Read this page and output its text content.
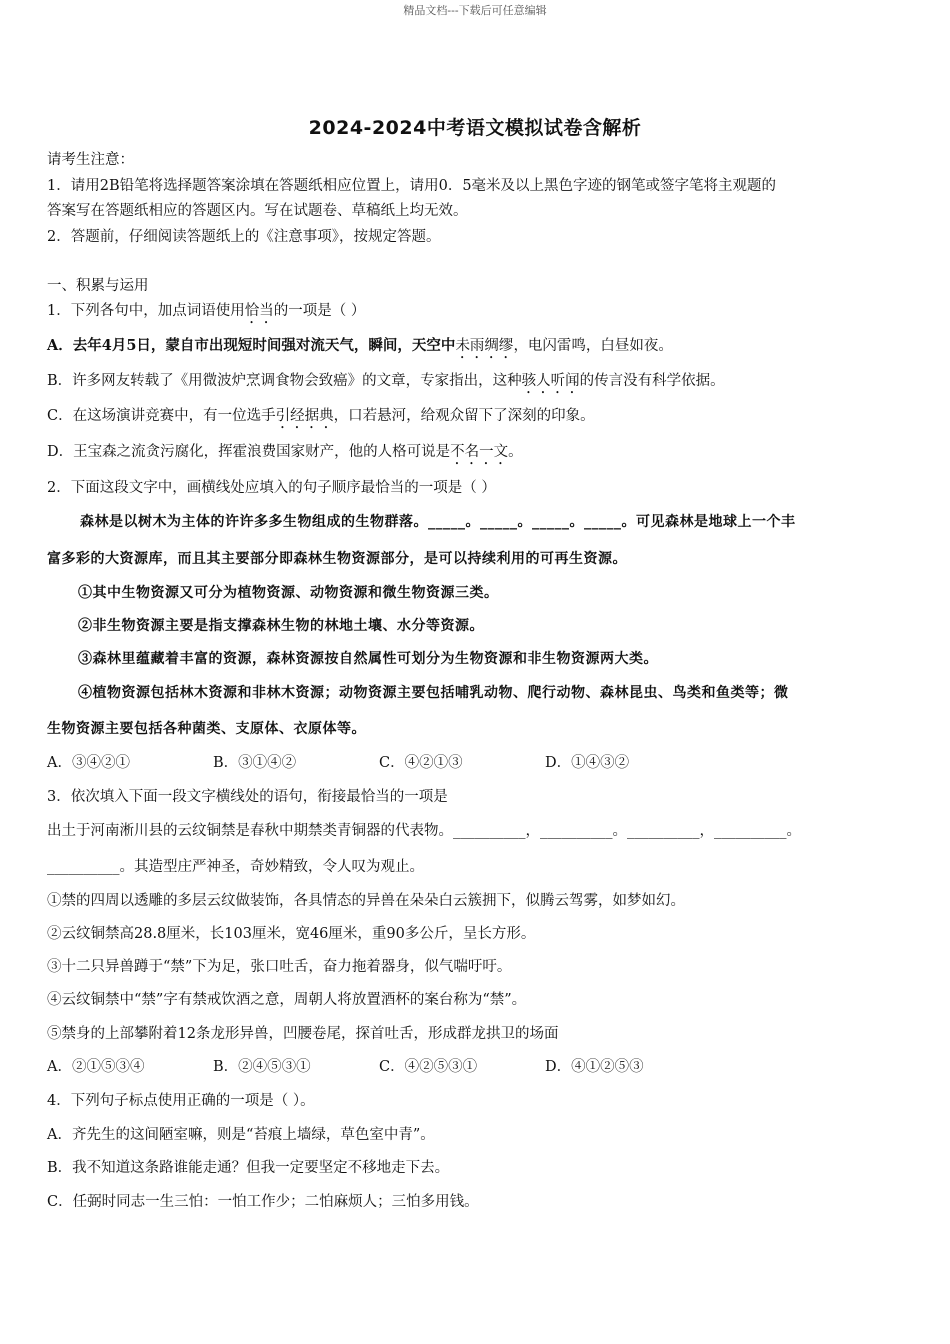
精品文档---下载后可任意编辑
2024-2024中考语文模拟试卷含解析
请考生注意：
1．请用2B铅笔将选择题答案涂填在答题纸相应位置上，请用0．5毫米及以上黑色字迹的钢笔或签字笔将主观题的
答案写在答题纸相应的答题区内。写在试题卷、草稿纸上均无效。
2．答题前，仔细阅读答题纸上的《注意事项》，按规定答题。
一、积累与运用
1．下列各句中，加点词语使用恰当的一项是（ ）
A．去年4月5日，蒙自市出现短时间强对流天气，瞬间，天空中未雨绸缪，电闪雷鸣，白昼如夜。
B．许多网友转载了《用微波炉烹调食物会致癌》的文章，专家指出，这种骇人听闻的传言没有科学依据。
C．在这场演讲竞赛中，有一位选手引经据典，口若悬河，给观众留下了深刻的印象。
D．王宝森之流贪污腐化，挥霍浪费国家财产，他的人格可说是不名一文。
2．下面这段文字中，画横线处应填入的句子顺序最恰当的一项是（ ）
森林是以树木为主体的许许多多生物组成的生物群落。_____。_____。_____。_____。可见森林是地球上一个丰
富多彩的大资源库，而且其主要部分即森林生物资源部分，是可以持续利用的可再生资源。
①其中生物资源又可分为植物资源、动物资源和微生物资源三类。
②非生物资源主要是指支撑森林生物的林地土壤、水分等资源。
③森林里蕴藏着丰富的资源，森林资源按自然属性可划分为生物资源和非生物资源两大类。
④植物资源包括林木资源和非林木资源；动物资源主要包括哺乳动物、爬行动物、森林昆虫、鸟类和鱼类等；微
生物资源主要包括各种菌类、支原体、衣原体等。
A．③④②①	B．③①④②	C．④②①③	D．①④③②
3．依次填入下面一段文字横线处的语句，衔接最恰当的一项是
出土于河南淅川县的云纹铜禁是春秋中期禁类青铜器的代表物。__________，__________。__________，__________。
__________。其造型庄严神圣，奇妙精致，令人叹为观止。
①禁的四周以透雕的多层云纹做装饰，各具情态的异兽在朵朵白云簇拥下，似腾云驾雾，如梦如幻。
②云纹铜禁高28.8厘米，长103厘米，宽46厘米，重90多公斤，呈长方形。
③十二只异兽蹲于“禁”下为足，张口吐舌，奋力拖着器身，似气喘吁吁。
④云纹铜禁中“禁”字有禁戒饮酒之意，周朝人将放置酒杯的案台称为“禁”。
⑤禁身的上部攀附着12条龙形异兽，凹腰卷尾，探首吐舌，形成群龙拱卫的场面
A．②①⑤③④	B．②④⑤③①	C．④②⑤③①	D．④①②⑤③
4．下列句子标点使用正确的一项是（ ）。
A．齐先生的这间陋室嘛，则是“苔痕上墙绿，草色室中青”。
B．我不知道这条路谁能走通？但我一定要坚定不移地走下去。
C．任弼时同志一生三怕：一怕工作少；二怕麻烦人；三怕多用钱。
